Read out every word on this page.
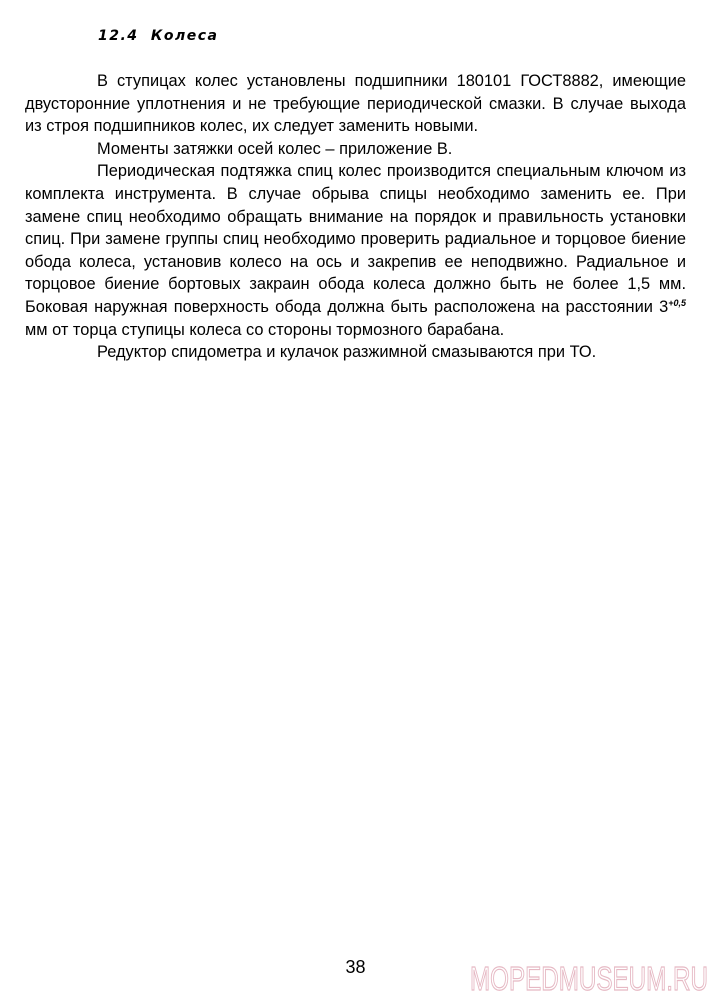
12.4 Колеса

В ступицах колес установлены подшипники 180101 ГОСТ8882, имеющие двусторонние уплотнения и не требующие периодической смазки. В случае выхода из строя подшипников колес, их следует заменить новыми.

Моменты затяжки осей колес – приложение В.

Периодическая подтяжка спиц колес производится специальным ключом из комплекта инструмента. В случае обрыва спицы необходимо заменить ее. При замене спиц необходимо обращать внимание на порядок и правильность установки спиц. При замене группы спиц необходимо проверить радиальное и торцовое биение обода колеса, установив колесо на ось и закрепив ее неподвижно. Радиальное и торцовое биение бортовых закраин обода колеса должно быть не более 1,5 мм. Боковая наружная поверхность обода должна быть расположена на расстоянии $3^{+0,5}$ мм от торца ступицы колеса со стороны тормозного барабана.

Редуктор спидометра и кулачок разжимной смазываются при ТО.

38	MOPEDMUSEUM.RU
